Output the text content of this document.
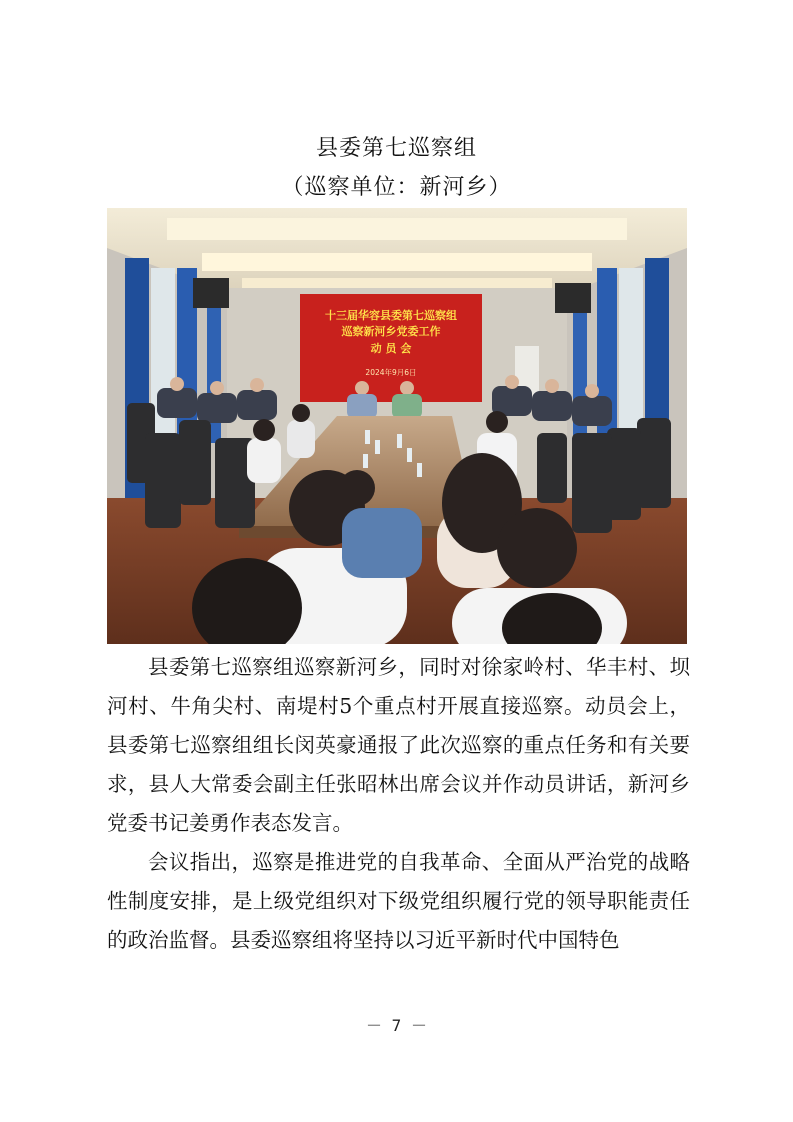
县委第七巡察组
（巡察单位：新河乡）
十三届华容县委第七巡察组
巡察新河乡党委工作
动 员 会
2024年9月6日

县委第七巡察组巡察新河乡，同时对徐家岭村、华丰村、坝河村、牛角尖村、南堤村5个重点村开展直接巡察。动员会上，县委第七巡察组组长闵英豪通报了此次巡察的重点任务和有关要求，县人大常委会副主任张昭林出席会议并作动员讲话，新河乡党委书记姜勇作表态发言。

会议指出，巡察是推进党的自我革命、全面从严治党的战略性制度安排，是上级党组织对下级党组织履行党的领导职能责任的政治监督。县委巡察组将坚持以习近平新时代中国特色

－ 7 －
